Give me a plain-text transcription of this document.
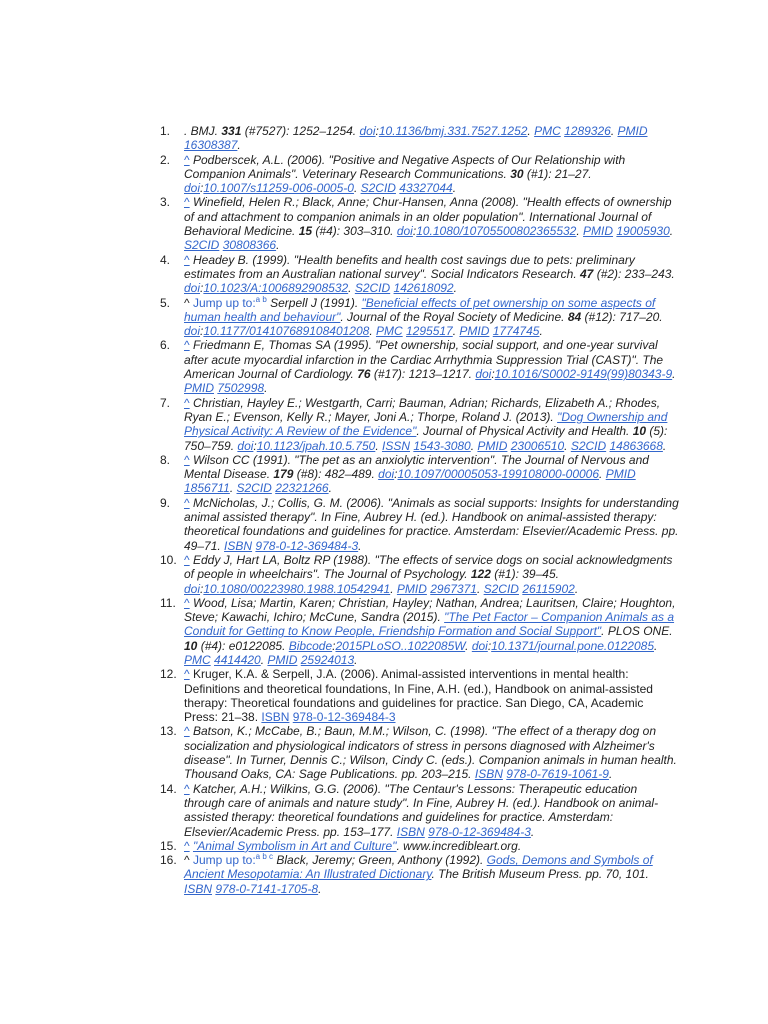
1.	. BMJ. 331 (#7527): 1252–1254. doi:10.1136/bmj.331.7527.1252. PMC 1289326. PMID 16308387.
2.	^ Podberscek, A.L. (2006). "Positive and Negative Aspects of Our Relationship with Companion Animals". Veterinary Research Communications. 30 (#1): 21–27. doi:10.1007/s11259-006-0005-0. S2CID 43327044.
3.	^ Winefield, Helen R.; Black, Anne; Chur-Hansen, Anna (2008). "Health effects of ownership of and attachment to companion animals in an older population". International Journal of Behavioral Medicine. 15 (#4): 303–310. doi:10.1080/10705500802365532. PMID 19005930. S2CID 30808366.
4.	^ Headey B. (1999). "Health benefits and health cost savings due to pets: preliminary estimates from an Australian national survey". Social Indicators Research. 47 (#2): 233–243. doi:10.1023/A:1006892908532. S2CID 142618092.
5.	^ Jump up to:$^{a b}$ Serpell J (1991). "Beneficial effects of pet ownership on some aspects of human health and behaviour". Journal of the Royal Society of Medicine. 84 (#12): 717–20. doi:10.1177/014107689108401208. PMC 1295517. PMID 1774745.
6.	^ Friedmann E, Thomas SA (1995). "Pet ownership, social support, and one-year survival after acute myocardial infarction in the Cardiac Arrhythmia Suppression Trial (CAST)". The American Journal of Cardiology. 76 (#17): 1213–1217. doi:10.1016/S0002-9149(99)80343-9. PMID 7502998.
7.	^ Christian, Hayley E.; Westgarth, Carri; Bauman, Adrian; Richards, Elizabeth A.; Rhodes, Ryan E.; Evenson, Kelly R.; Mayer, Joni A.; Thorpe, Roland J. (2013). "Dog Ownership and Physical Activity: A Review of the Evidence". Journal of Physical Activity and Health. 10 (5): 750–759. doi:10.1123/jpah.10.5.750. ISSN 1543-3080. PMID 23006510. S2CID 14863668.
8.	^ Wilson CC (1991). "The pet as an anxiolytic intervention". The Journal of Nervous and Mental Disease. 179 (#8): 482–489. doi:10.1097/00005053-199108000-00006. PMID 1856711. S2CID 22321266.
9.	^ McNicholas, J.; Collis, G. M. (2006). "Animals as social supports: Insights for understanding animal assisted therapy". In Fine, Aubrey H. (ed.). Handbook on animal-assisted therapy: theoretical foundations and guidelines for practice. Amsterdam: Elsevier/Academic Press. pp. 49–71. ISBN 978-0-12-369484-3.
10. ^ Eddy J, Hart LA, Boltz RP (1988). "The effects of service dogs on social acknowledgments of people in wheelchairs". The Journal of Psychology. 122 (#1): 39–45. doi:10.1080/00223980.1988.10542941. PMID 2967371. S2CID 26115902.
11. ^ Wood, Lisa; Martin, Karen; Christian, Hayley; Nathan, Andrea; Lauritsen, Claire; Houghton, Steve; Kawachi, Ichiro; McCune, Sandra (2015). "The Pet Factor – Companion Animals as a Conduit for Getting to Know People, Friendship Formation and Social Support". PLOS ONE. 10 (#4): e0122085. Bibcode:2015PLoSO..1022085W. doi:10.1371/journal.pone.0122085. PMC 4414420. PMID 25924013.
12. ^ Kruger, K.A. & Serpell, J.A. (2006). Animal-assisted interventions in mental health: Definitions and theoretical foundations, In Fine, A.H. (ed.), Handbook on animal-assisted therapy: Theoretical foundations and guidelines for practice. San Diego, CA, Academic Press: 21–38. ISBN 978-0-12-369484-3
13. ^ Batson, K.; McCabe, B.; Baun, M.M.; Wilson, C. (1998). "The effect of a therapy dog on socialization and physiological indicators of stress in persons diagnosed with Alzheimer's disease". In Turner, Dennis C.; Wilson, Cindy C. (eds.). Companion animals in human health. Thousand Oaks, CA: Sage Publications. pp. 203–215. ISBN 978-0-7619-1061-9.
14. ^ Katcher, A.H.; Wilkins, G.G. (2006). "The Centaur's Lessons: Therapeutic education through care of animals and nature study". In Fine, Aubrey H. (ed.). Handbook on animal-assisted therapy: theoretical foundations and guidelines for practice. Amsterdam: Elsevier/Academic Press. pp. 153–177. ISBN 978-0-12-369484-3.
15. ^ "Animal Symbolism in Art and Culture". www.incredibleart.org.
16. ^ Jump up to:$^{a b c}$ Black, Jeremy; Green, Anthony (1992). Gods, Demons and Symbols of Ancient Mesopotamia: An Illustrated Dictionary. The British Museum Press. pp. 70, 101. ISBN 978-0-7141-1705-8.
